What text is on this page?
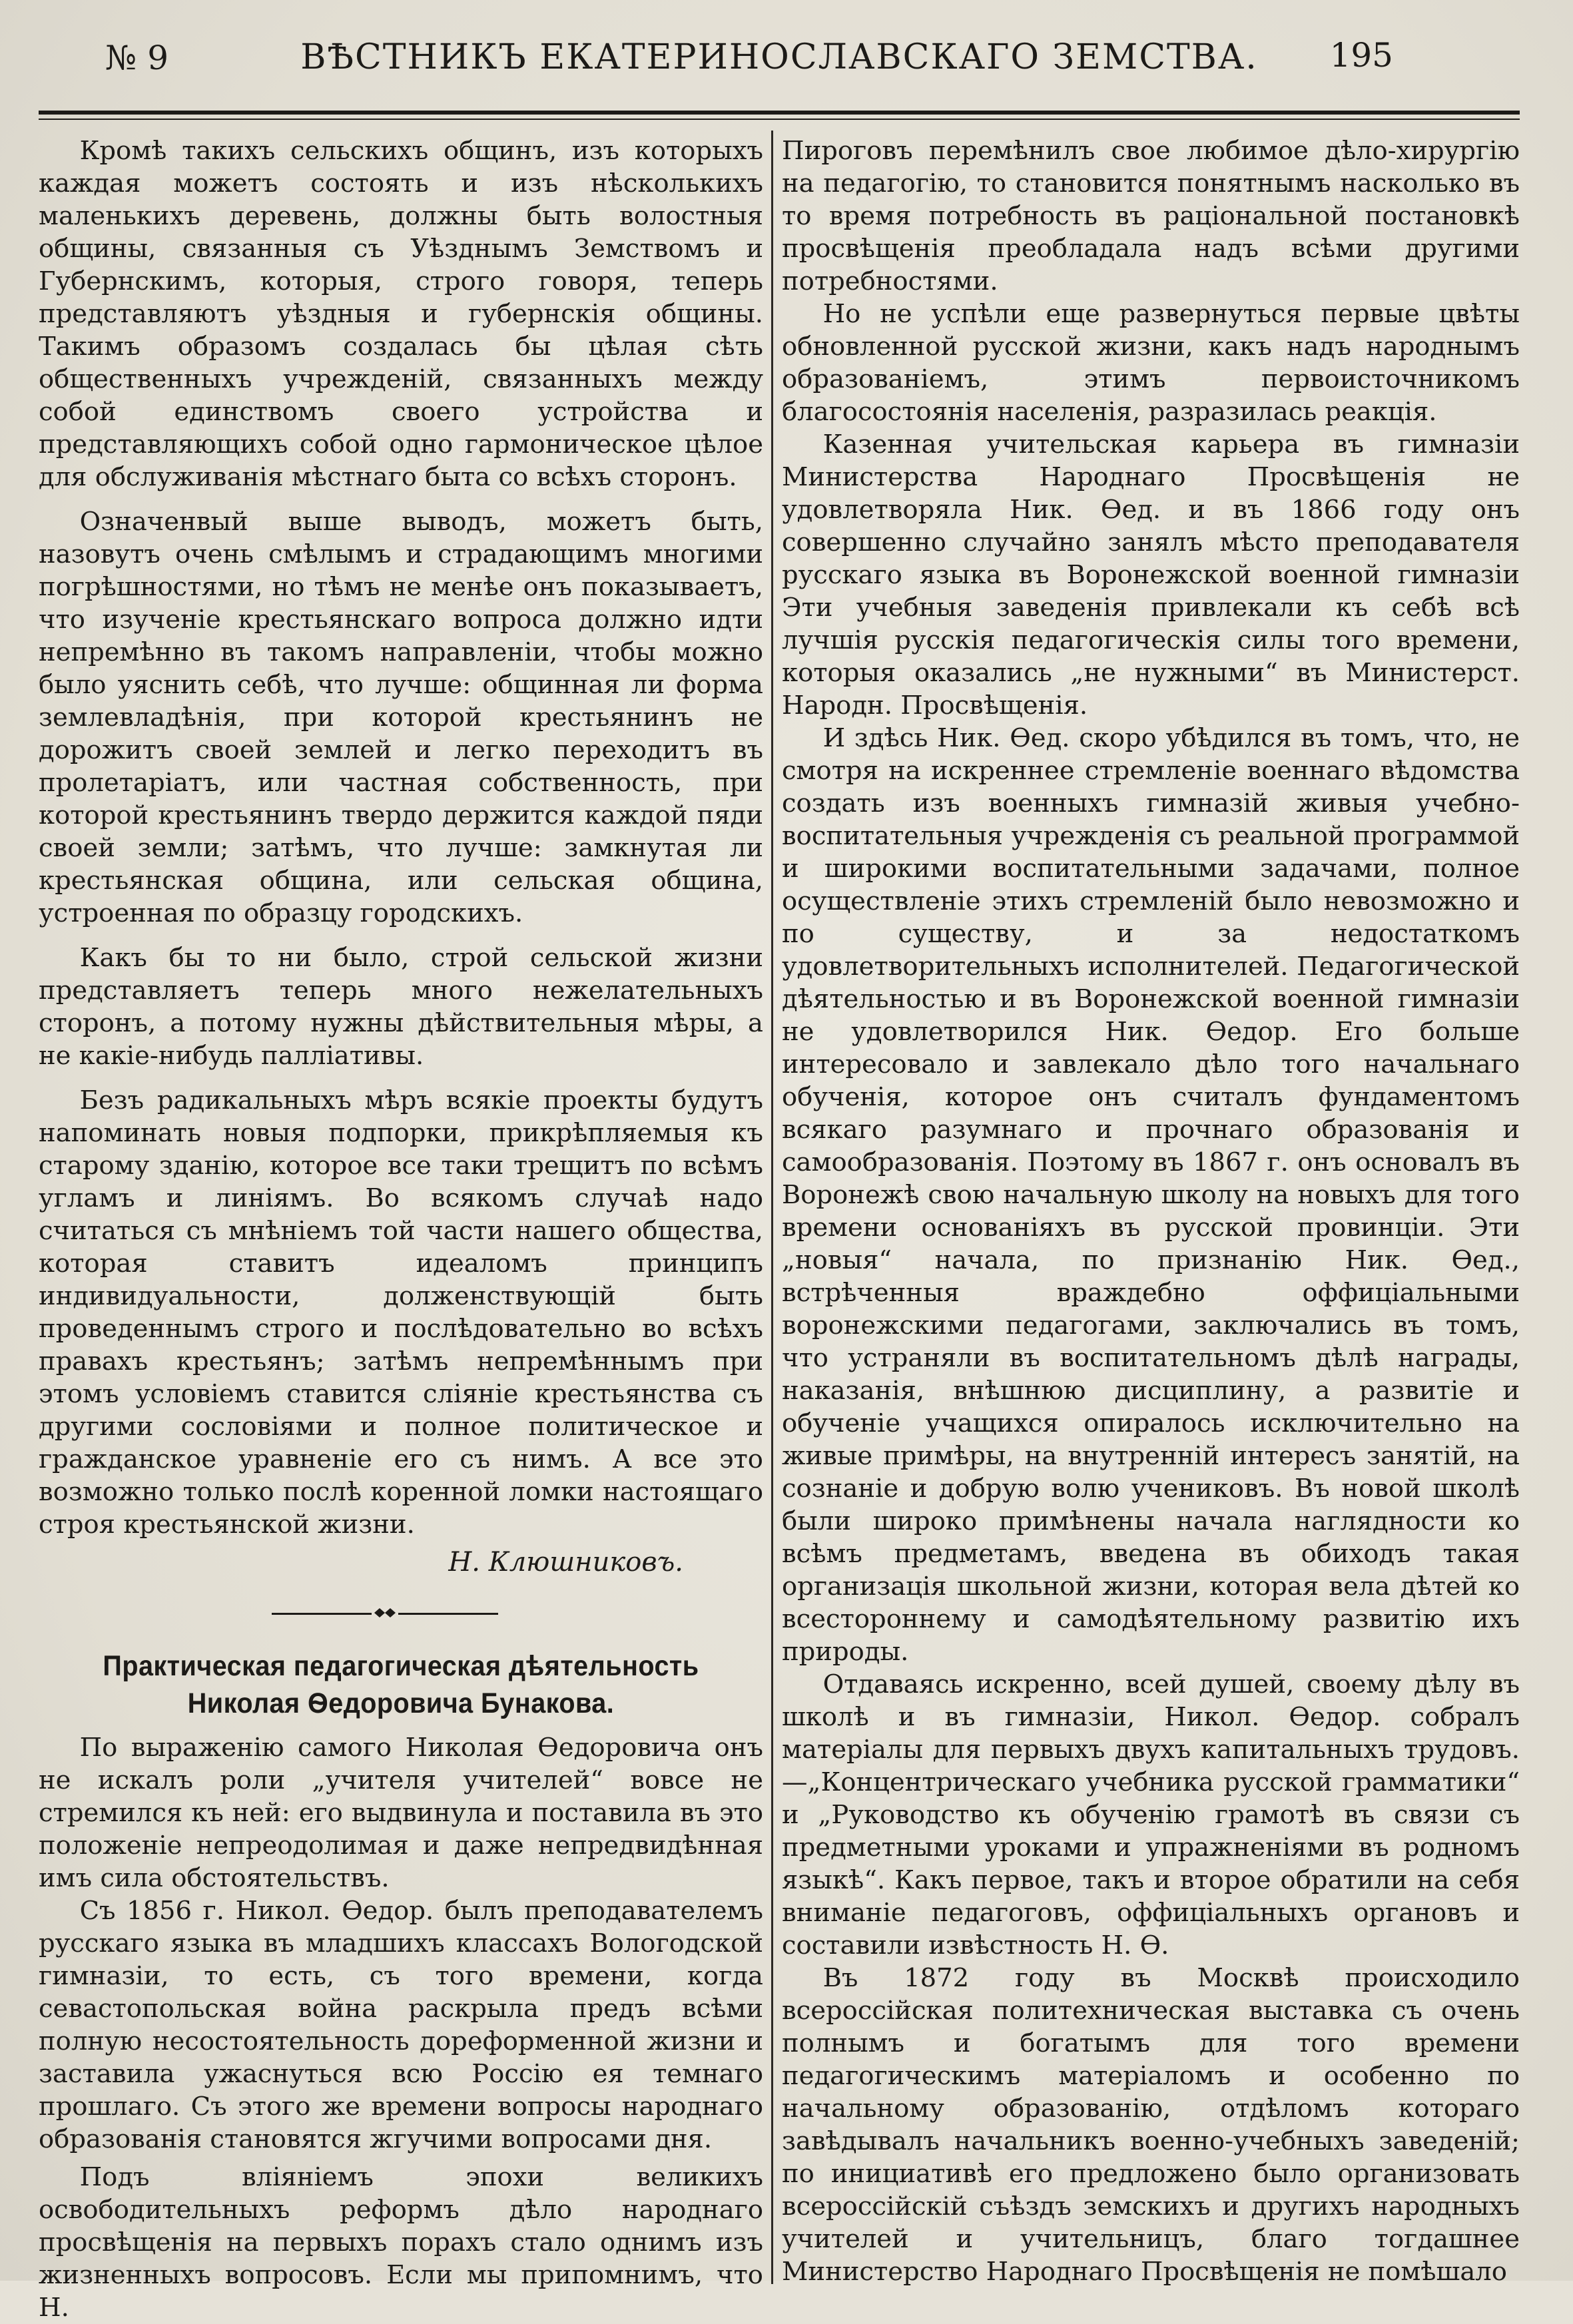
№ 9	ВѢСТНИКЪ ЕКАТЕРИНОСЛАВСКАГО ЗЕМСТВА.	195

Кромѣ такихъ сельскихъ общинъ, изъ которыхъ каждая можетъ состоять и изъ нѣсколькихъ маленькихъ деревень, должны быть волостныя общины, связанныя съ Уѣзднымъ Земствомъ и Губернскимъ, которыя, строго говоря, теперь представляютъ уѣздныя и губернскія общины. Такимъ образомъ создалась бы цѣлая сѣть общественныхъ учрежденій, связанныхъ между собой единствомъ своего устройства и представляющихъ собой одно гармоническое цѣлое для обслуживанія мѣстнаго быта со всѣхъ сторонъ.

Означенвый выше выводъ, можетъ быть, назовутъ очень смѣлымъ и страдающимъ многими погрѣшностями, но тѣмъ не менѣе онъ показываетъ, что изученіе крестьянскаго вопроса должно идти непремѣнно въ такомъ направленіи, чтобы можно было уяснить себѣ, что лучше: общинная ли форма землевладѣнія, при которой крестьянинъ не дорожитъ своей землей и легко переходитъ въ пролетаріатъ, или частная собственность, при которой крестьянинъ твердо держится каждой пяди своей земли; затѣмъ, что лучше: замкнутая ли крестьянская община, или сельская община, устроенная по образцу городскихъ.

Какъ бы то ни было, строй сельской жизни представляетъ теперь много нежелательныхъ сторонъ, а потому нужны дѣйствительныя мѣры, а не какіе-нибудь палліативы.

Безъ радикальныхъ мѣръ всякіе проекты будутъ напоминать новыя подпорки, прикрѣпляемыя къ старому зданію, которое все таки трещитъ по всѣмъ угламъ и линіямъ. Во всякомъ случаѣ надо считаться съ мнѣніемъ той части нашего общества, которая ставитъ идеаломъ принципъ индивидуальности, долженствующій быть проведеннымъ строго и послѣдовательно во всѣхъ правахъ крестьянъ; затѣмъ непремѣннымъ при этомъ условіемъ ставится сліяніе крестьянства съ другими сословіями и полное политическое и гражданское уравненіе его съ нимъ. А все это возможно только послѣ коренной ломки настоящаго строя крестьянской жизни.

Н. Клюшниковъ.
Практическая педагогическая дѣятельность Николая Ѳедоровича Бунакова.

По выраженію самого Николая Ѳедоровича онъ не искалъ роли „учителя учителей“ вовсе не стремился къ ней: его выдвинула и поставила въ это положеніе непреодолимая и даже непредвидѣнная имъ сила обстоятельствъ.

Съ 1856 г. Никол. Ѳедор. былъ преподавателемъ русскаго языка въ младшихъ классахъ Вологодской гимназіи, то есть, съ того времени, когда севастопольская война раскрыла предъ всѣми полную несостоятельность дореформенной жизни и заставила ужаснуться всю Россію ея темнаго прошлаго. Съ этого же времени вопросы народнаго образованія становятся жгучими вопросами дня.

Подъ вліяніемъ эпохи великихъ освободительныхъ реформъ дѣло народнаго просвѣщенія на первыхъ порахъ стало однимъ изъ жизненныхъ вопросовъ. Если мы припомнимъ, что Н.

Пироговъ перемѣнилъ свое любимое дѣло-хирургію на педагогію, то становится понятнымъ насколько въ то время потребность въ раціональной постановкѣ просвѣщенія преобладала надъ всѣми другими потребностями.

Но не успѣли еще развернуться первые цвѣты обновленной русской жизни, какъ надъ народнымъ образованіемъ, этимъ первоисточникомъ благосостоянія населенія, разразилась реакція.

Казенная учительская карьера въ гимназіи Министерства Народнаго Просвѣщенія не удовлетворяла Ник. Ѳед. и въ 1866 году онъ совершенно случайно занялъ мѣсто преподавателя русскаго языка въ Воронежской военной гимназіи Эти учебныя заведенія привлекали къ себѣ всѣ лучшія русскія педагогическія силы того времени, которыя оказались „не нужными“ въ Министерст. Народн. Просвѣщенія.

И здѣсь Ник. Ѳед. скоро убѣдился въ томъ, что, не смотря на искреннее стремленіе военнаго вѣдомства создать изъ военныхъ гимназій живыя учебно-воспитательныя учрежденія съ реальной программой и широкими воспитательными задачами, полное осуществленіе этихъ стремленій было невозможно и по существу, и за недостаткомъ удовлетворительныхъ исполнителей. Педагогической дѣятельностью и въ Воронежской военной гимназіи не удовлетворился Ник. Ѳедор. Его больше интересовало и завлекало дѣло того начальнаго обученія, которое онъ считалъ фундаментомъ всякаго разумнаго и прочнаго образованія и самообразованія. Поэтому въ 1867 г. онъ основалъ въ Воронежѣ свою начальную школу на новыхъ для того времени основаніяхъ въ русской провинціи. Эти „новыя“ начала, по признанію Ник. Ѳед., встрѣченныя враждебно оффиціальными воронежскими педагогами, заключались въ томъ, что устраняли въ воспитательномъ дѣлѣ награды, наказанія, внѣшнюю дисциплину, а развитіе и обученіе учащихся опиралось исключительно на живые примѣры, на внутренній интересъ занятій, на сознаніе и добрую волю учениковъ. Въ новой школѣ были широко примѣнены начала наглядности ко всѣмъ предметамъ, введена въ обиходъ такая организація школьной жизни, которая вела дѣтей ко всестороннему и самодѣятельному развитію ихъ природы.

Отдаваясь искренно, всей душей, своему дѣлу въ школѣ и въ гимназіи, Никол. Ѳедор. собралъ матеріалы для первыхъ двухъ капитальныхъ трудовъ.—„Концентрическаго учебника русской грамматики“ и „Руководство къ обученію грамотѣ въ связи съ предметными уроками и упражненіями въ родномъ языкѣ“. Какъ первое, такъ и второе обратили на себя вниманіе педагоговъ, оффиціальныхъ органовъ и составили извѣстность Н. Ѳ.

Въ 1872 году въ Москвѣ происходило всероссійская политехническая выставка съ очень полнымъ и богатымъ для того времени педагогическимъ матеріаломъ и особенно по начальному образованію, отдѣломъ котораго завѣдывалъ начальникъ военно-учебныхъ заведеній; по инициативѣ его предложено было организовать всероссійскій съѣздъ земскихъ и другихъ народныхъ учителей и учительницъ, благо тогдашнее Министерство Народнаго Просвѣщенія не помѣшало
